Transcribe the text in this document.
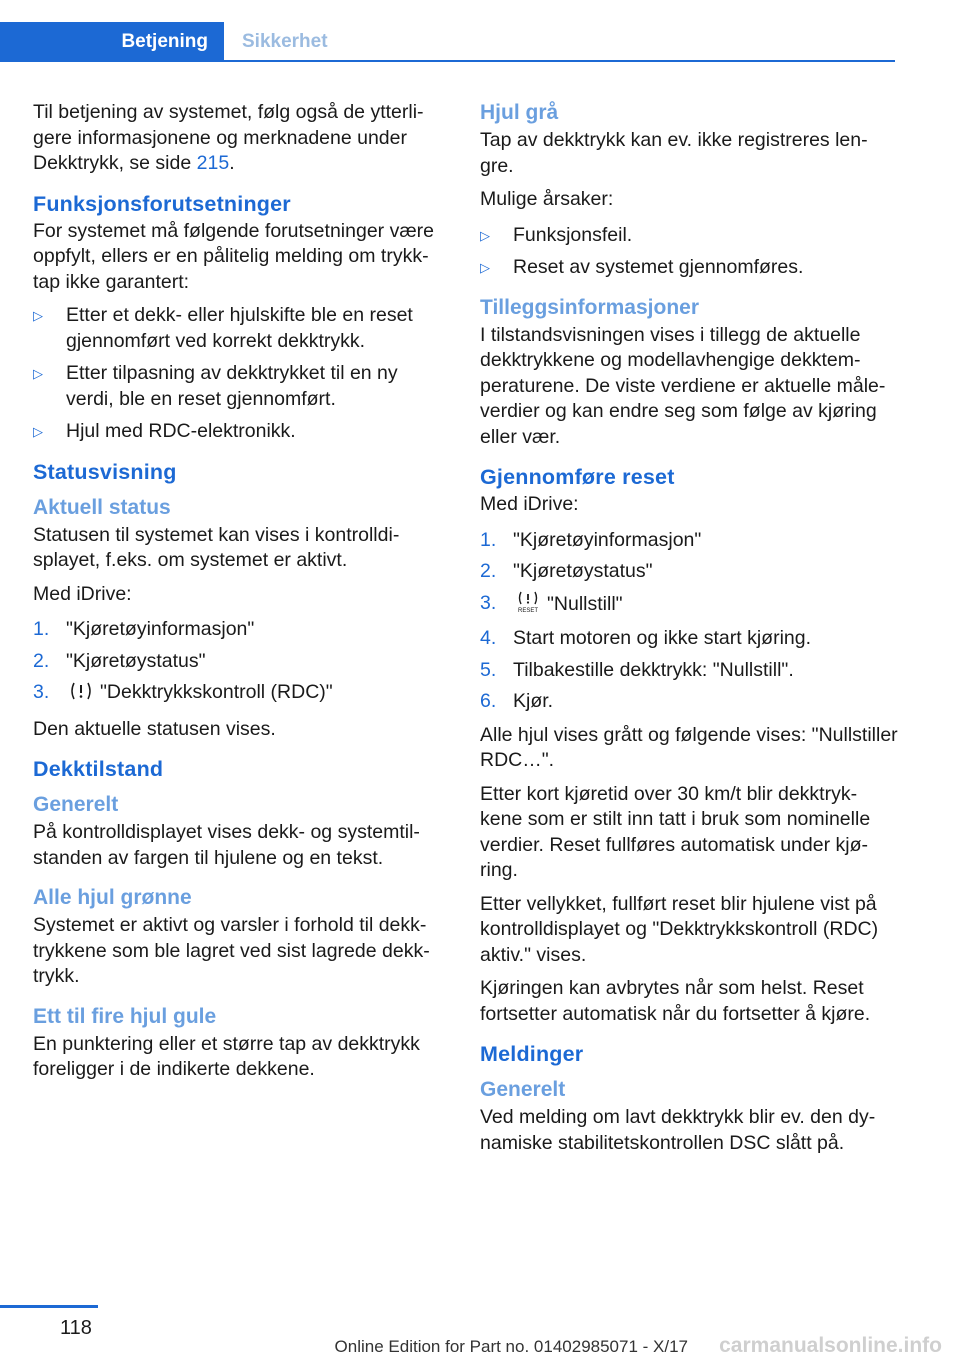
Betjening	Sikkerhet

Til betjening av systemet, følg også de ytterli‐ gere informasjonene og merknadene under Dekktrykk, se side 215.

Funksjonsforutsetninger

For systemet må følgende forutsetninger være oppfylt, ellers er en pålitelig melding om trykk‐ tap ikke garantert:

▷ Etter et dekk- eller hjulskifte ble en reset gjennomført ved korrekt dekktrykk.
▷ Etter tilpasning av dekktrykket til en ny verdi, ble en reset gjennomført.
▷ Hjul med RDC-elektronikk.
Statusvisning
Aktuell status

Statusen til systemet kan vises i kontrolldi‐ splayet, f.eks. om systemet er aktivt.

Med iDrive:

1. "Kjøretøyinformasjon"
2. "Kjøretøystatus"
3.	"Dekktrykkskontroll (RDC)"

Den aktuelle statusen vises.

Dekktilstand
Generelt

På kontrolldisplayet vises dekk- og systemtil‐ standen av fargen til hjulene og en tekst.

Alle hjul grønne

Systemet er aktivt og varsler i forhold til dekk‐ trykkene som ble lagret ved sist lagrede dekk‐ trykk.

Ett til fire hjul gule

En punktering eller et større tap av dekktrykk foreligger i de indikerte dekkene.

Hjul grå

Tap av dekktrykk kan ev. ikke registreres len‐ gre.

Mulige årsaker:

▷ Funksjonsfeil.
▷ Reset av systemet gjennomføres.
Tilleggsinformasjoner

I tilstandsvisningen vises i tillegg de aktuelle dekktrykkene og modellavhengige dekktem‐ peraturene. De viste verdiene er aktuelle måle‐ verdier og kan endre seg som følge av kjøring eller vær.

Gjennomføre reset

Med iDrive:

1. "Kjøretøyinformasjon"
2. "Kjøretøystatus"
3.	RESET "Nullstill"
4. Start motoren og ikke start kjøring.
5. Tilbakestille dekktrykk: "Nullstill".
6. Kjør.

Alle hjul vises grått og følgende vises: "Nullstiller RDC…".

Etter kort kjøretid over 30 km/t blir dekktryk‐ kene som er stilt inn tatt i bruk som nominelle verdier. Reset fullføres automatisk under kjø‐ ring.

Etter vellykket, fullført reset blir hjulene vist på kontrolldisplayet og "Dekktrykkskontroll (RDC) aktiv." vises.

Kjøringen kan avbrytes når som helst. Reset fortsetter automatisk når du fortsetter å kjøre.

Meldinger
Generelt

Ved melding om lavt dekktrykk blir ev. den dy‐ namiske stabilitetskontrollen DSC slått på.

118
Online Edition for Part no. 01402985071 - X/17 carmanualsonline.info
